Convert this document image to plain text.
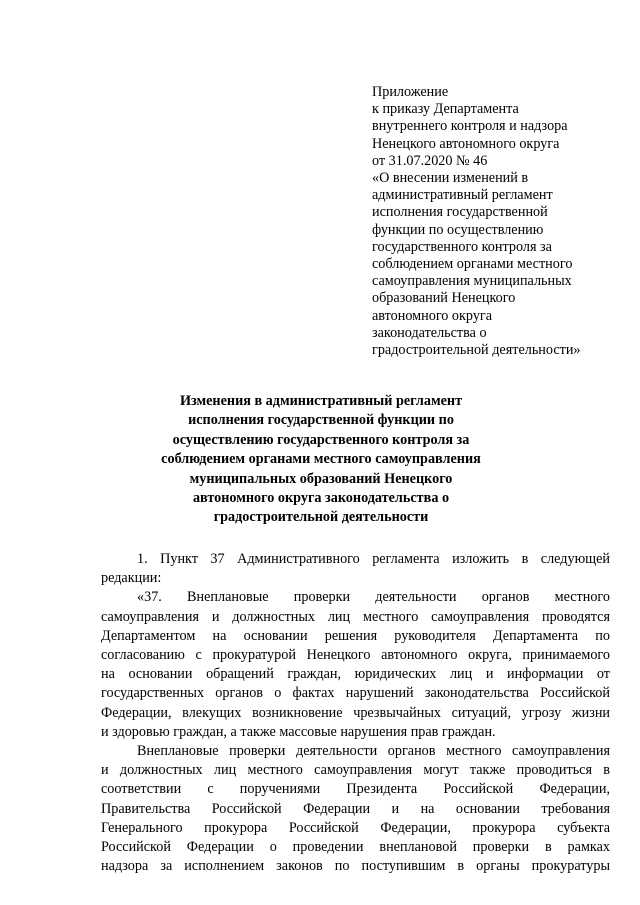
Приложение
к приказу Департамента
внутреннего контроля и надзора
Ненецкого автономного округа
от 31.07.2020 № 46
«О внесении изменений в
административный регламент
исполнения государственной
функции по осуществлению
государственного контроля за
соблюдением органами местного
самоуправления муниципальных
образований Ненецкого
автономного округа
законодательства о
градостроительной деятельности»
Изменения в административный регламент
исполнения государственной функции по
осуществлению государственного контроля за
соблюдением органами местного самоуправления
муниципальных образований Ненецкого
автономного округа законодательства о
градостроительной деятельности
1. Пункт 37 Административного регламента изложить в следующей
редакции:
«37. Внеплановые проверки деятельности органов местного
самоуправления и должностных лиц местного самоуправления проводятся
Департаментом на основании решения руководителя Департамента по
согласованию с прокуратурой Ненецкого автономного округа, принимаемого
на основании обращений граждан, юридических лиц и информации от
государственных органов о фактах нарушений законодательства Российской
Федерации, влекущих возникновение чрезвычайных ситуаций, угрозу жизни
и здоровью граждан, а также массовые нарушения прав граждан.
Внеплановые проверки деятельности органов местного самоуправления
и должностных лиц местного самоуправления могут также проводиться в
соответствии с поручениями Президента Российской Федерации,
Правительства Российской Федерации и на основании требования
Генерального прокурора Российской Федерации, прокурора субъекта
Российской Федерации о проведении внеплановой проверки в рамках
надзора за исполнением законов по поступившим в органы прокуратуры
